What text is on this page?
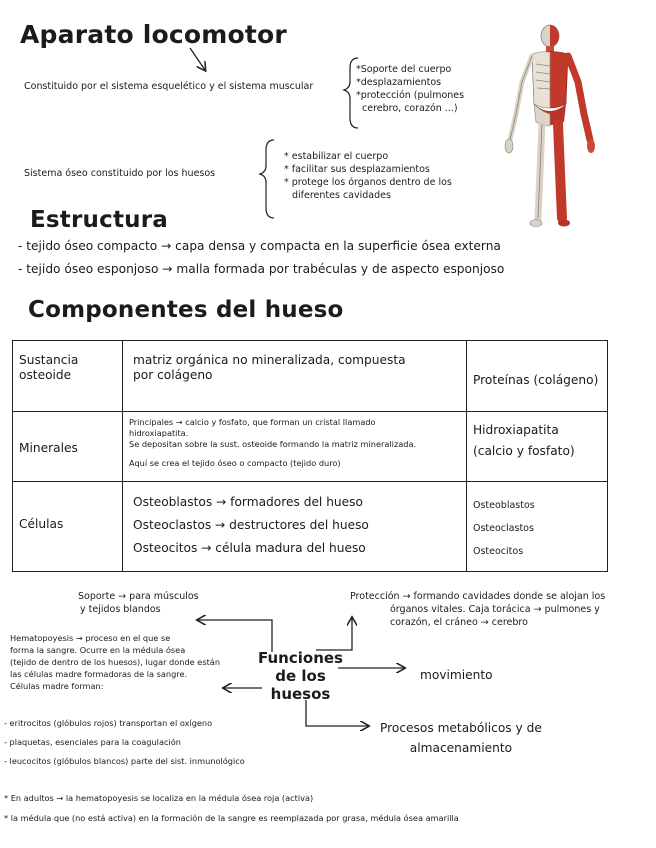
Aparato locomotor
Constituido por el sistema esquelético y el sistema muscular
*Soporte del cuerpo
*desplazamientos
*protección (pulmones
cerebro, corazón ...)
Sistema óseo constituido por los huesos
* estabilizar el cuerpo
* facilitar sus desplazamientos
* protege los órganos dentro de los
diferentes cavidades
Estructura
- tejido óseo compacto → capa densa y compacta en la superficie ósea externa
- tejido óseo esponjoso → malla formada por trabéculas y de aspecto esponjoso
Componentes del hueso
Sustancia osteoide
matriz orgánica no mineralizada, compuesta
por colágeno	Proteínas (colágeno)
Minerales
Principales → calcio y fosfato, que forman un cristal llamado
hidroxiapatita.
Se depositan sobre la sust. osteoide formando la matriz mineralizada.
Aquí se crea el tejido óseo o compacto (tejido duro)
Hidroxiapatita
(calcio y fosfato)
Células
Osteoblastos → formadores del hueso
Osteoclastos → destructores del hueso
Osteocitos → célula madura del hueso
Osteoblastos
Osteoclastos
Osteocitos
Soporte → para músculos
y tejidos blandos
Protección → formando cavidades donde se alojan los
órganos vitales. Caja torácica → pulmones y
corazón, el cráneo → cerebro
Funciones
de los
huesos
movimiento
Procesos metabólicos y de
almacenamiento
Hematopoyesis → proceso en el que se
forma la sangre. Ocurre en la médula ósea
(tejido de dentro de los huesos), lugar donde están
las células madre formadoras de la sangre.
Células madre forman:
- eritrocitos (glóbulos rojos) transportan el oxígeno
- plaquetas, esenciales para la coagulación
- leucocitos (glóbulos blancos) parte del sist. inmunológico
* En adultos → la hematopoyesis se localiza en la médula ósea roja (activa)
* la médula que (no está activa) en la formación de la sangre es reemplazada por grasa, médula ósea amarilla
